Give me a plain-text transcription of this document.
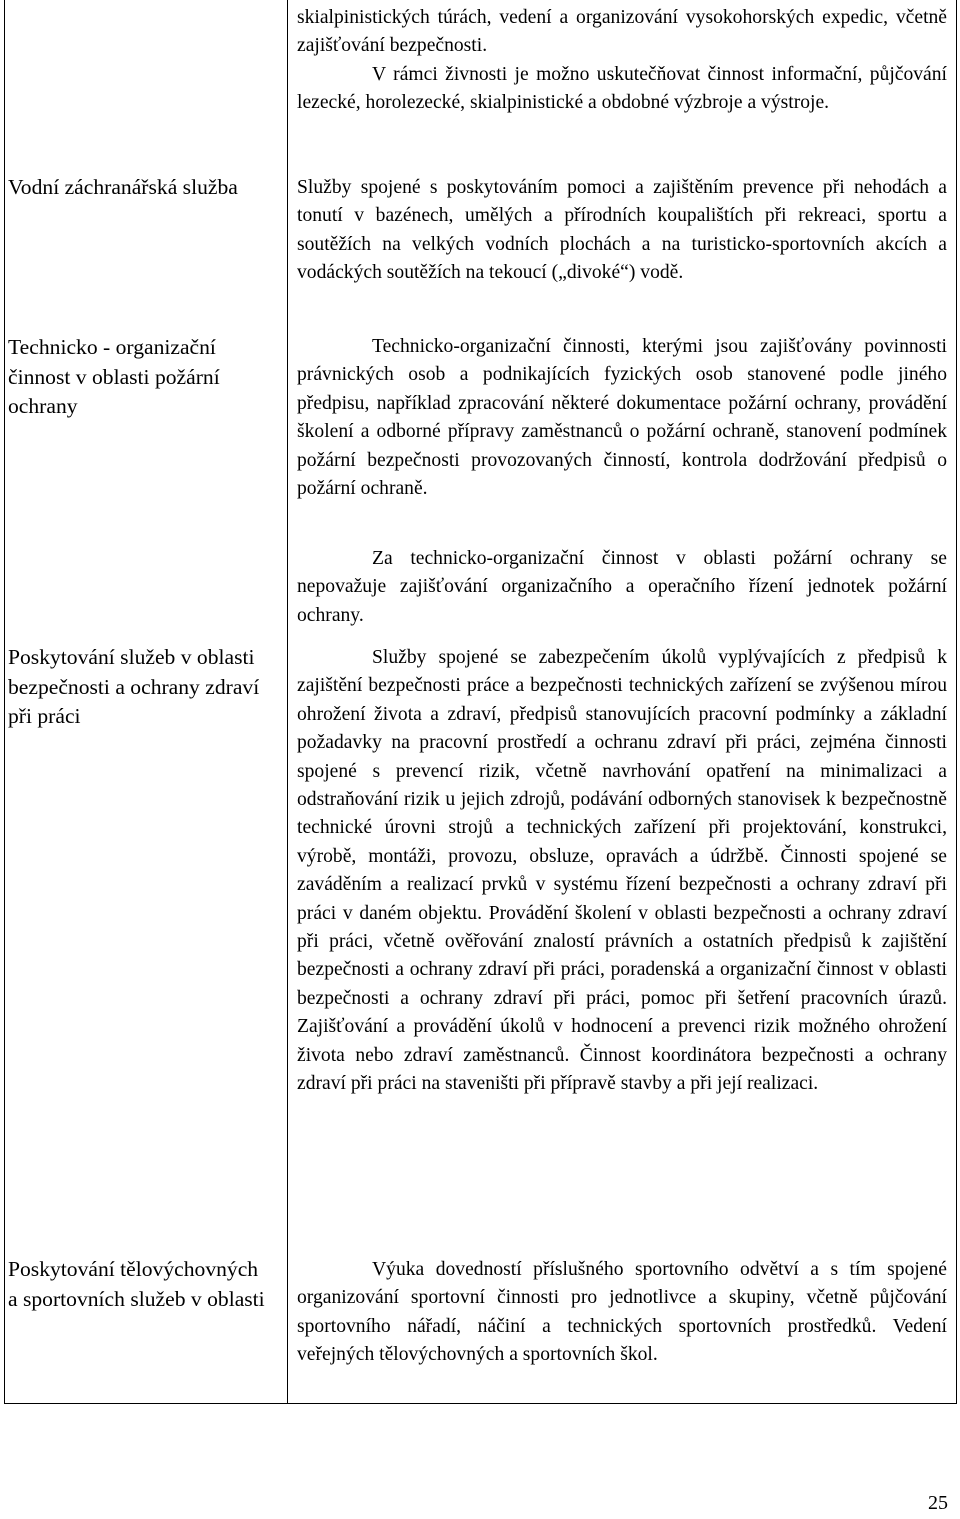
Vodní záchranářská služba
Technicko - organizační činnost v oblasti požární ochrany
Poskytování služeb v oblasti bezpečnosti a ochrany zdraví při práci
Poskytování tělovýchovných a sportovních služeb v oblasti

skialpinistických túrách, vedení a organizování vysokohorských expedic, včetně zajišťování bezpečnosti.

V rámci živnosti je možno uskutečňovat činnost informační, půjčování lezecké, horolezecké, skialpinistické a obdobné výzbroje a výstroje.

Služby spojené s poskytováním pomoci a zajištěním prevence při nehodách a tonutí v bazénech, umělých a přírodních koupalištích při rekreaci, sportu a soutěžích na velkých vodních plochách a na turisticko-sportovních akcích a vodáckých soutěžích na tekoucí („divoké“) vodě.

Technicko-organizační činnosti, kterými jsou zajišťovány povinnosti právnických osob a podnikajících fyzických osob stanovené podle jiného předpisu, například zpracování některé dokumentace požární ochrany, provádění školení a odborné přípravy zaměstnanců o požární ochraně, stanovení podmínek požární bezpečnosti provozovaných činností, kontrola dodržování předpisů o požární ochraně.

Za technicko-organizační činnost v oblasti požární ochrany se nepovažuje zajišťování organizačního a operačního řízení jednotek požární ochrany.
Služby spojené se zabezpečením úkolů vyplývajících z předpisů k zajištění bezpečnosti práce a bezpečnosti technických zařízení se zvýšenou mírou ohrožení života a zdraví, předpisů stanovujících pracovní podmínky a základní požadavky na pracovní prostředí a ochranu zdraví při práci, zejména činnosti spojené s prevencí rizik, včetně navrhování opatření na minimalizaci a odstraňování rizik u jejich zdrojů, podávání odborných stanovisek k bezpečnostně technické úrovni strojů a technických zařízení při projektování, konstrukci, výrobě, montáži, provozu, obsluze, opravách a údržbě. Činnosti spojené se zaváděním a realizací prvků v systému řízení bezpečnosti a ochrany zdraví při práci v daném objektu. Provádění školení v oblasti bezpečnosti a ochrany zdraví při práci, včetně ověřování znalostí právních a ostatních předpisů k zajištění bezpečnosti a ochrany zdraví při práci, poradenská a organizační činnost v oblasti bezpečnosti a ochrany zdraví při práci, pomoc při šetření pracovních úrazů. Zajišťování a provádění úkolů v hodnocení a prevenci rizik možného ohrožení života nebo zdraví zaměstnanců. Činnost koordinátora bezpečnosti a ochrany zdraví při práci na staveništi při přípravě stavby a při její realizaci.
Výuka dovedností příslušného sportovního odvětví a s tím spojené organizování sportovní činnosti pro jednotlivce a skupiny, včetně půjčování sportovního nářadí, náčiní a technických sportovních prostředků. Vedení veřejných tělovýchovných a sportovních škol.
25
